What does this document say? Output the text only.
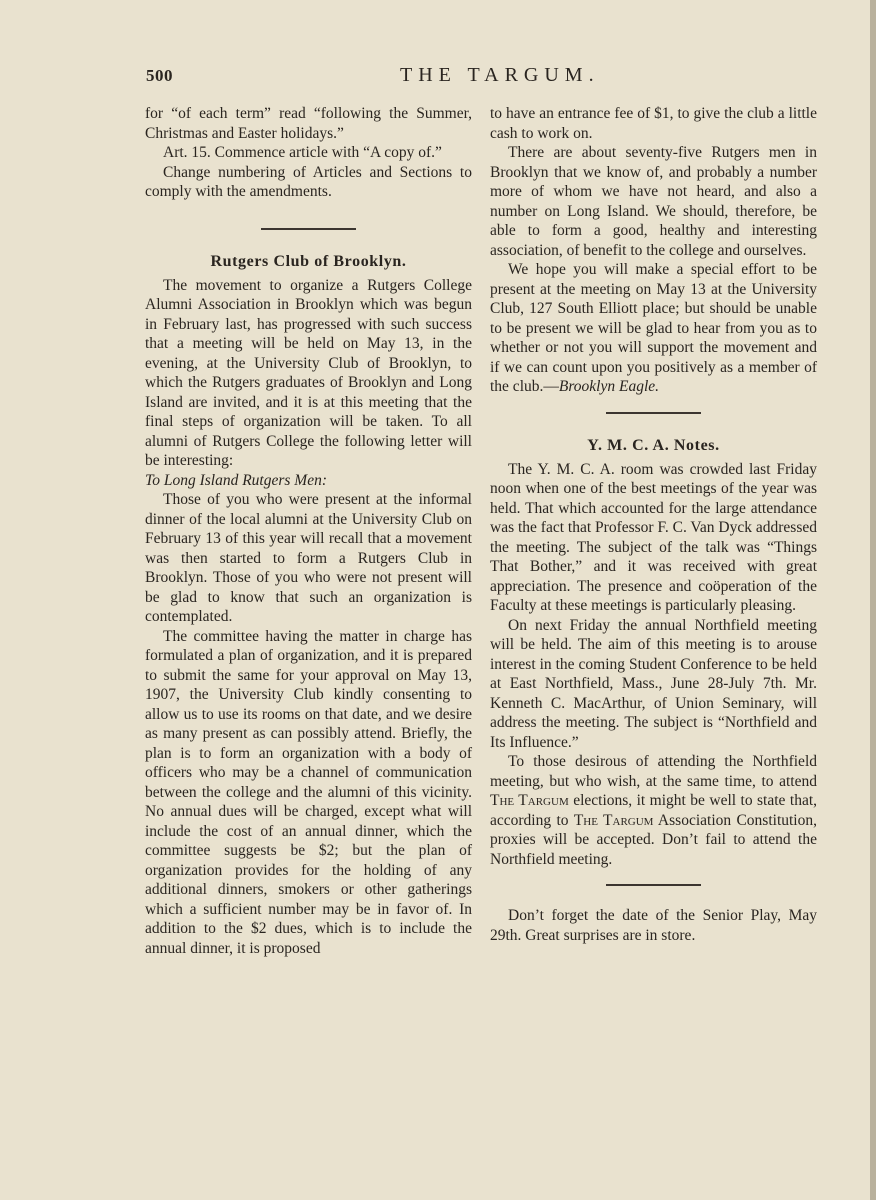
500	THE TARGUM.

for “of each term” read “following the Summer, Christmas and Easter holidays.”

Art. 15. Commence article with “A copy of.”

Change numbering of Articles and Sections to comply with the amendments.

Rutgers Club of Brooklyn.

The movement to organize a Rutgers College Alumni Association in Brooklyn which was begun in February last, has progressed with such success that a meeting will be held on May 13, in the evening, at the University Club of Brooklyn, to which the Rutgers graduates of Brooklyn and Long Island are invited, and it is at this meeting that the final steps of organization will be taken. To all alumni of Rutgers College the following letter will be interesting:

To Long Island Rutgers Men:

Those of you who were present at the informal dinner of the local alumni at the University Club on February 13 of this year will recall that a movement was then started to form a Rutgers Club in Brooklyn. Those of you who were not present will be glad to know that such an organization is contemplated.

The committee having the matter in charge has formulated a plan of organization, and it is prepared to submit the same for your approval on May 13, 1907, the University Club kindly consenting to allow us to use its rooms on that date, and we desire as many present as can possibly attend. Briefly, the plan is to form an organization with a body of officers who may be a channel of communication between the college and the alumni of this vicinity. No annual dues will be charged, except what will include the cost of an annual dinner, which the committee suggests be $2; but the plan of organization provides for the holding of any additional dinners, smokers or other gatherings which a sufficient number may be in favor of. In addition to the $2 dues, which is to include the annual dinner, it is proposed

to have an entrance fee of $1, to give the club a little cash to work on.

There are about seventy-five Rutgers men in Brooklyn that we know of, and probably a number more of whom we have not heard, and also a number on Long Island. We should, therefore, be able to form a good, healthy and interesting association, of benefit to the college and ourselves.

We hope you will make a special effort to be present at the meeting on May 13 at the University Club, 127 South Elliott place; but should be unable to be present we will be glad to hear from you as to whether or not you will support the movement and if we can count upon you positively as a member of the club.—Brooklyn Eagle.

Y. M. C. A. Notes.

The Y. M. C. A. room was crowded last Friday noon when one of the best meetings of the year was held. That which accounted for the large attendance was the fact that Professor F. C. Van Dyck addressed the meeting. The subject of the talk was “Things That Bother,” and it was received with great appreciation. The presence and coöperation of the Faculty at these meetings is particularly pleasing.

On next Friday the annual Northfield meeting will be held. The aim of this meeting is to arouse interest in the coming Student Conference to be held at East Northfield, Mass., June 28-July 7th. Mr. Kenneth C. MacArthur, of Union Seminary, will address the meeting. The subject is “Northfield and Its Influence.”

To those desirous of attending the Northfield meeting, but who wish, at the same time, to attend The Targum elections, it might be well to state that, according to The Targum Association Constitution, proxies will be accepted. Don’t fail to attend the Northfield meeting.

Don’t forget the date of the Senior Play, May 29th. Great surprises are in store.
